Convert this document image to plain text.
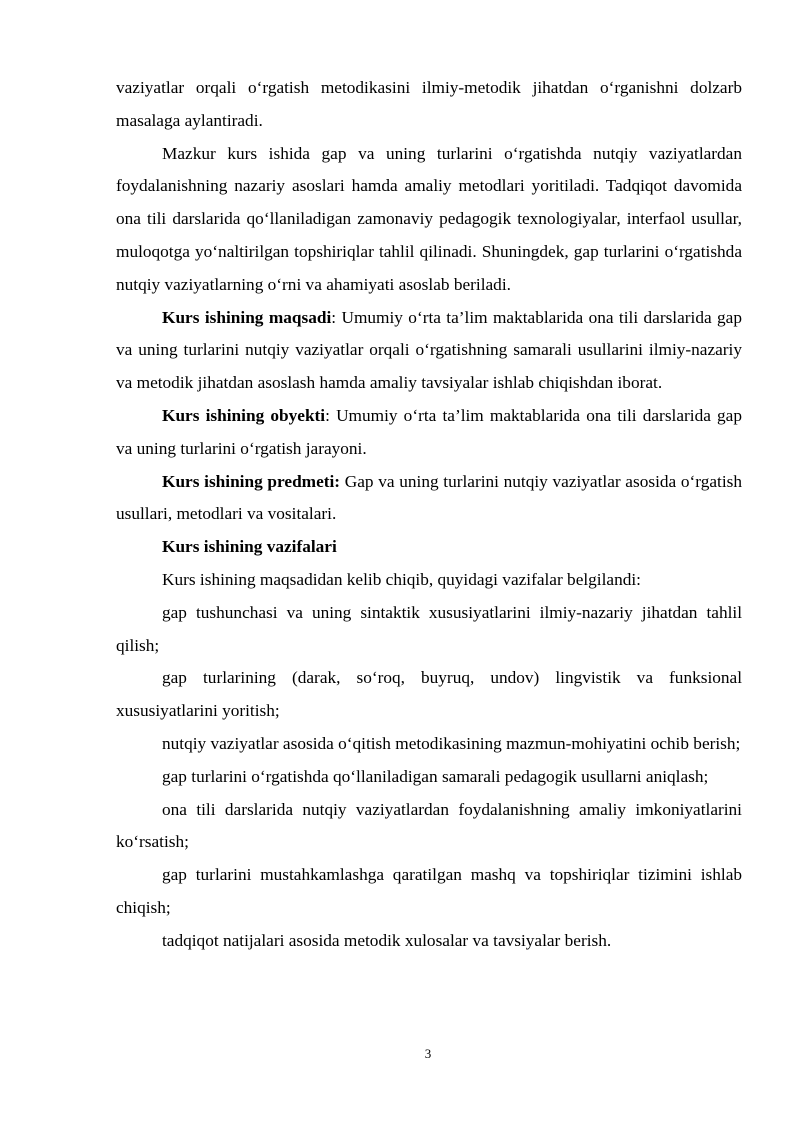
vaziyatlar orqali o‘rgatish metodikasini ilmiy-metodik jihatdan o‘rganishni dolzarb masalaga aylantiradi.

Mazkur kurs ishida gap va uning turlarini o‘rgatishda nutqiy vaziyatlardan foydalanishning nazariy asoslari hamda amaliy metodlari yoritiladi. Tadqiqot davomida ona tili darslarida qo‘llaniladigan zamonaviy pedagogik texnologiyalar, interfaol usullar, muloqotga yo‘naltirilgan topshiriqlar tahlil qilinadi. Shuningdek, gap turlarini o‘rgatishda nutqiy vaziyatlarning o‘rni va ahamiyati asoslab beriladi.

Kurs ishining maqsadi: Umumiy o‘rta ta’lim maktablarida ona tili darslarida gap va uning turlarini nutqiy vaziyatlar orqali o‘rgatishning samarali usullarini ilmiy-nazariy va metodik jihatdan asoslash hamda amaliy tavsiyalar ishlab chiqishdan iborat.

Kurs ishining obyekti: Umumiy o‘rta ta’lim maktablarida ona tili darslarida gap va uning turlarini o‘rgatish jarayoni.

Kurs ishining predmeti: Gap va uning turlarini nutqiy vaziyatlar asosida o‘rgatish usullari, metodlari va vositalari.

Kurs ishining vazifalari

Kurs ishining maqsadidan kelib chiqib, quyidagi vazifalar belgilandi:

gap tushunchasi va uning sintaktik xususiyatlarini ilmiy-nazariy jihatdan tahlil qilish;

gap turlarining (darak, so‘roq, buyruq, undov) lingvistik va funksional xususiyatlarini yoritish;

nutqiy vaziyatlar asosida o‘qitish metodikasining mazmun-mohiyatini ochib berish;

gap turlarini o‘rgatishda qo‘llaniladigan samarali pedagogik usullarni aniqlash;

ona tili darslarida nutqiy vaziyatlardan foydalanishning amaliy imkoniyatlarini ko‘rsatish;

gap turlarini mustahkamlashga qaratilgan mashq va topshiriqlar tizimini ishlab chiqish;

tadqiqot natijalari asosida metodik xulosalar va tavsiyalar berish.

3
